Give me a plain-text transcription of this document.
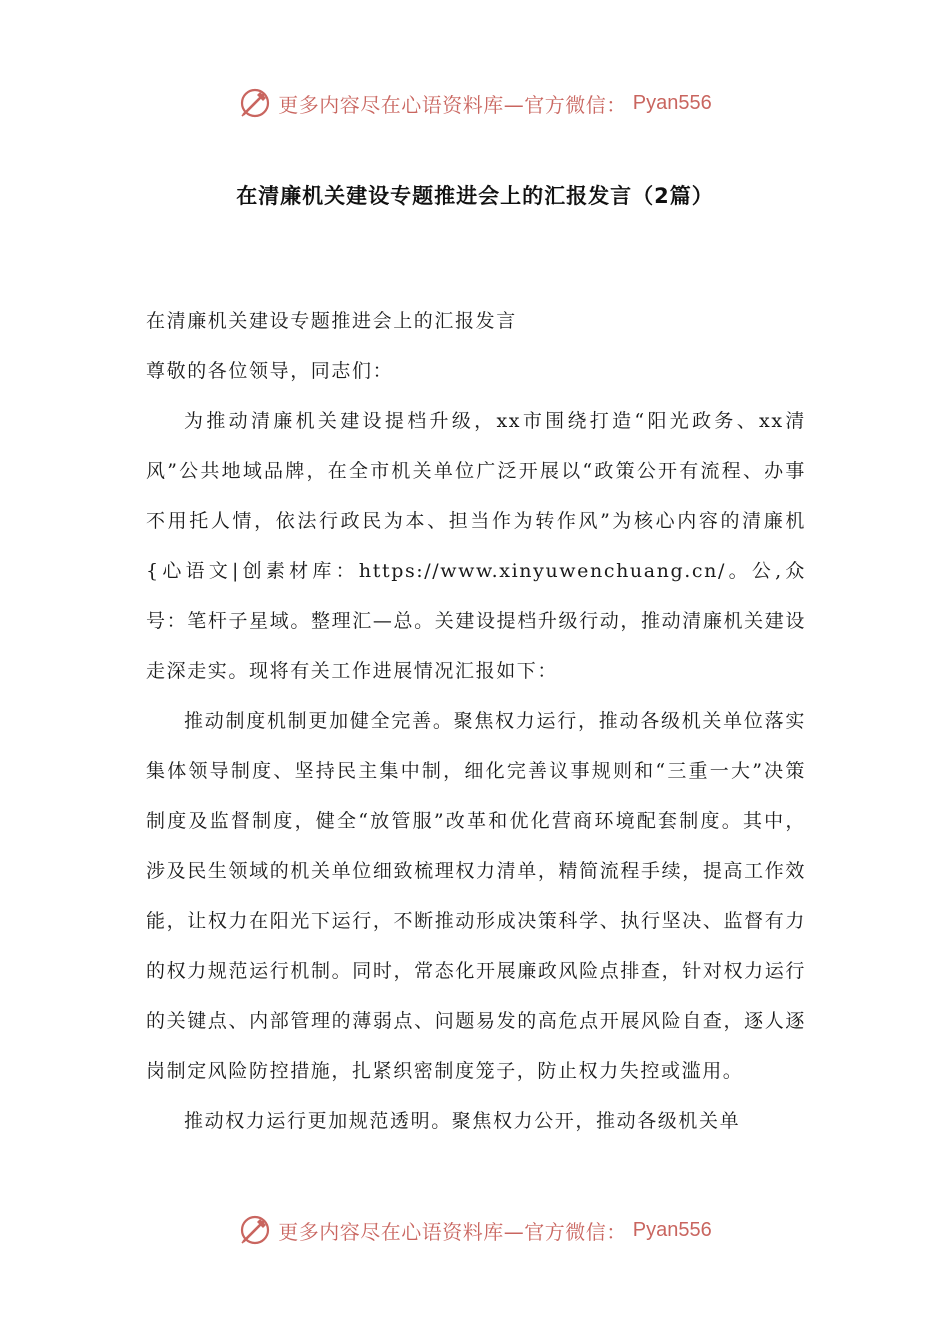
更多内容尽在心语资料库—官方微信： Pyan556
在清廉机关建设专题推进会上的汇报发言（2篇）

在清廉机关建设专题推进会上的汇报发言

尊敬的各位领导，同志们：

为推动清廉机关建设提档升级，xx市围绕打造“阳光政务、xx清风”公共地域品牌，在全市机关单位广泛开展以“政策公开有流程、办事不用托人情，依法行政民为本、担当作为转作风”为核心内容的清廉机{心语文|创素材库：https://www.xinyuwenchuang.cn/。公,众号：笔杆子星域。整理汇—总。关建设提档升级行动，推动清廉机关建设走深走实。现将有关工作进展情况汇报如下：

推动制度机制更加健全完善。聚焦权力运行，推动各级机关单位落实集体领导制度、坚持民主集中制，细化完善议事规则和“三重一大”决策制度及监督制度，健全“放管服”改革和优化营商环境配套制度。其中，涉及民生领域的机关单位细致梳理权力清单，精简流程手续，提高工作效能，让权力在阳光下运行，不断推动形成决策科学、执行坚决、监督有力的权力规范运行机制。同时，常态化开展廉政风险点排查，针对权力运行的关键点、内部管理的薄弱点、问题易发的高危点开展风险自查，逐人逐岗制定风险防控措施，扎紧织密制度笼子，防止权力失控或滥用。

推动权力运行更加规范透明。聚焦权力公开，推动各级机关单

更多内容尽在心语资料库—官方微信： Pyan556
